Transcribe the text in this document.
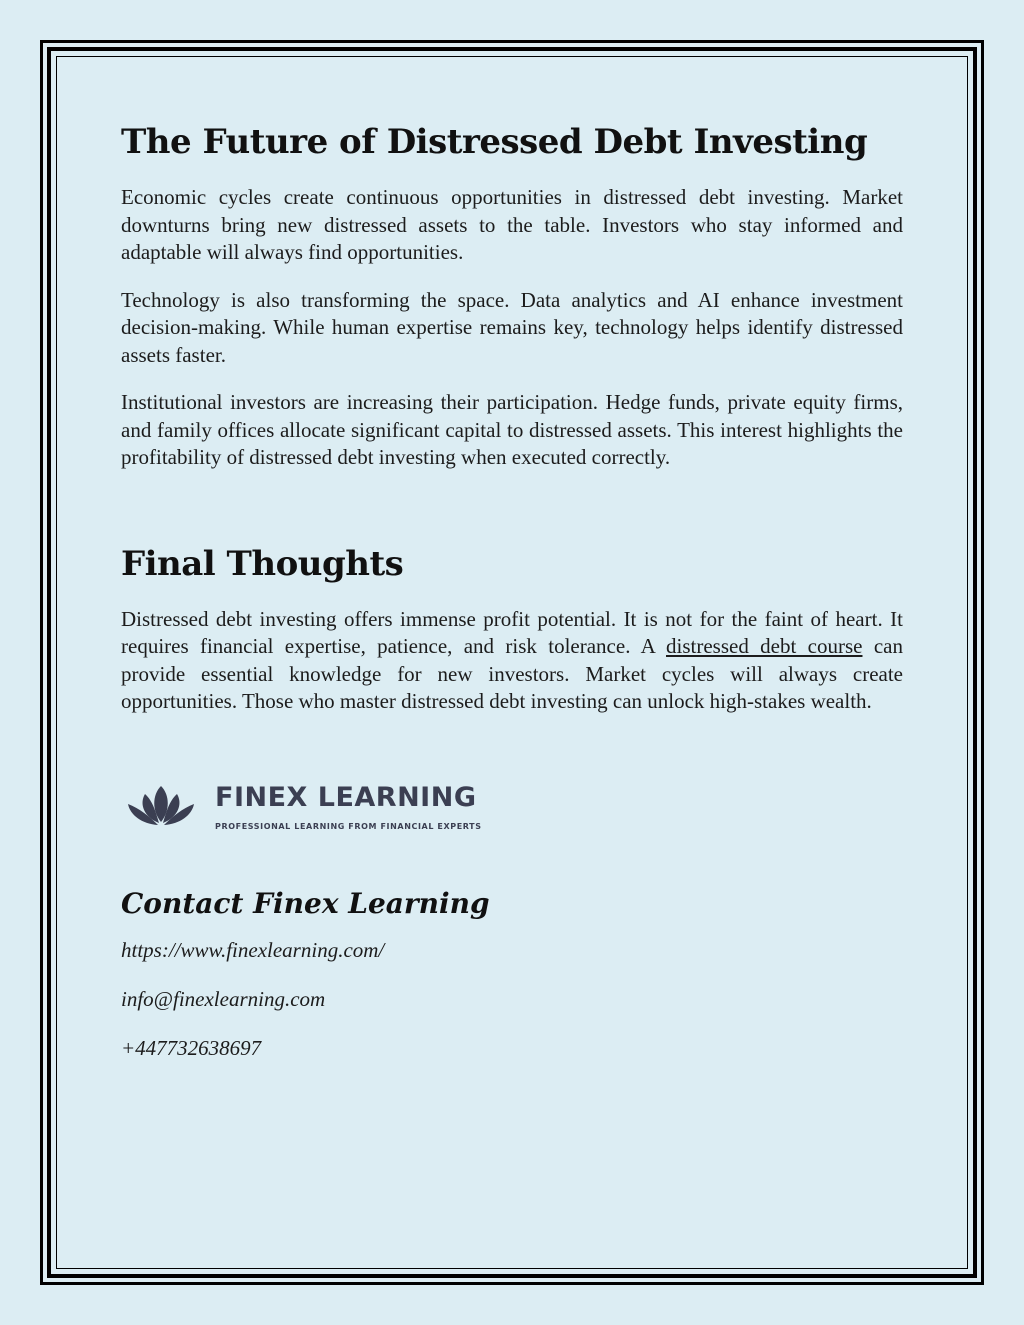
The Future of Distressed Debt Investing

Economic cycles create continuous opportunities in distressed debt investing. Market downturns bring new distressed assets to the table. Investors who stay informed and adaptable will always find opportunities.

Technology is also transforming the space. Data analytics and AI enhance investment decision-making. While human expertise remains key, technology helps identify distressed assets faster.

Institutional investors are increasing their participation. Hedge funds, private equity firms, and family offices allocate significant capital to distressed assets. This interest highlights the profitability of distressed debt investing when executed correctly.

Final Thoughts

Distressed debt investing offers immense profit potential. It is not for the faint of heart. It requires financial expertise, patience, and risk tolerance. A distressed debt course can provide essential knowledge for new investors. Market cycles will always create opportunities. Those who master distressed debt investing can unlock high-stakes wealth.

FINEX LEARNING
PROFESSIONAL LEARNING FROM FINANCIAL EXPERTS
Contact Finex Learning
https://www.finexlearning.com/
info@finexlearning.com
+447732638697
